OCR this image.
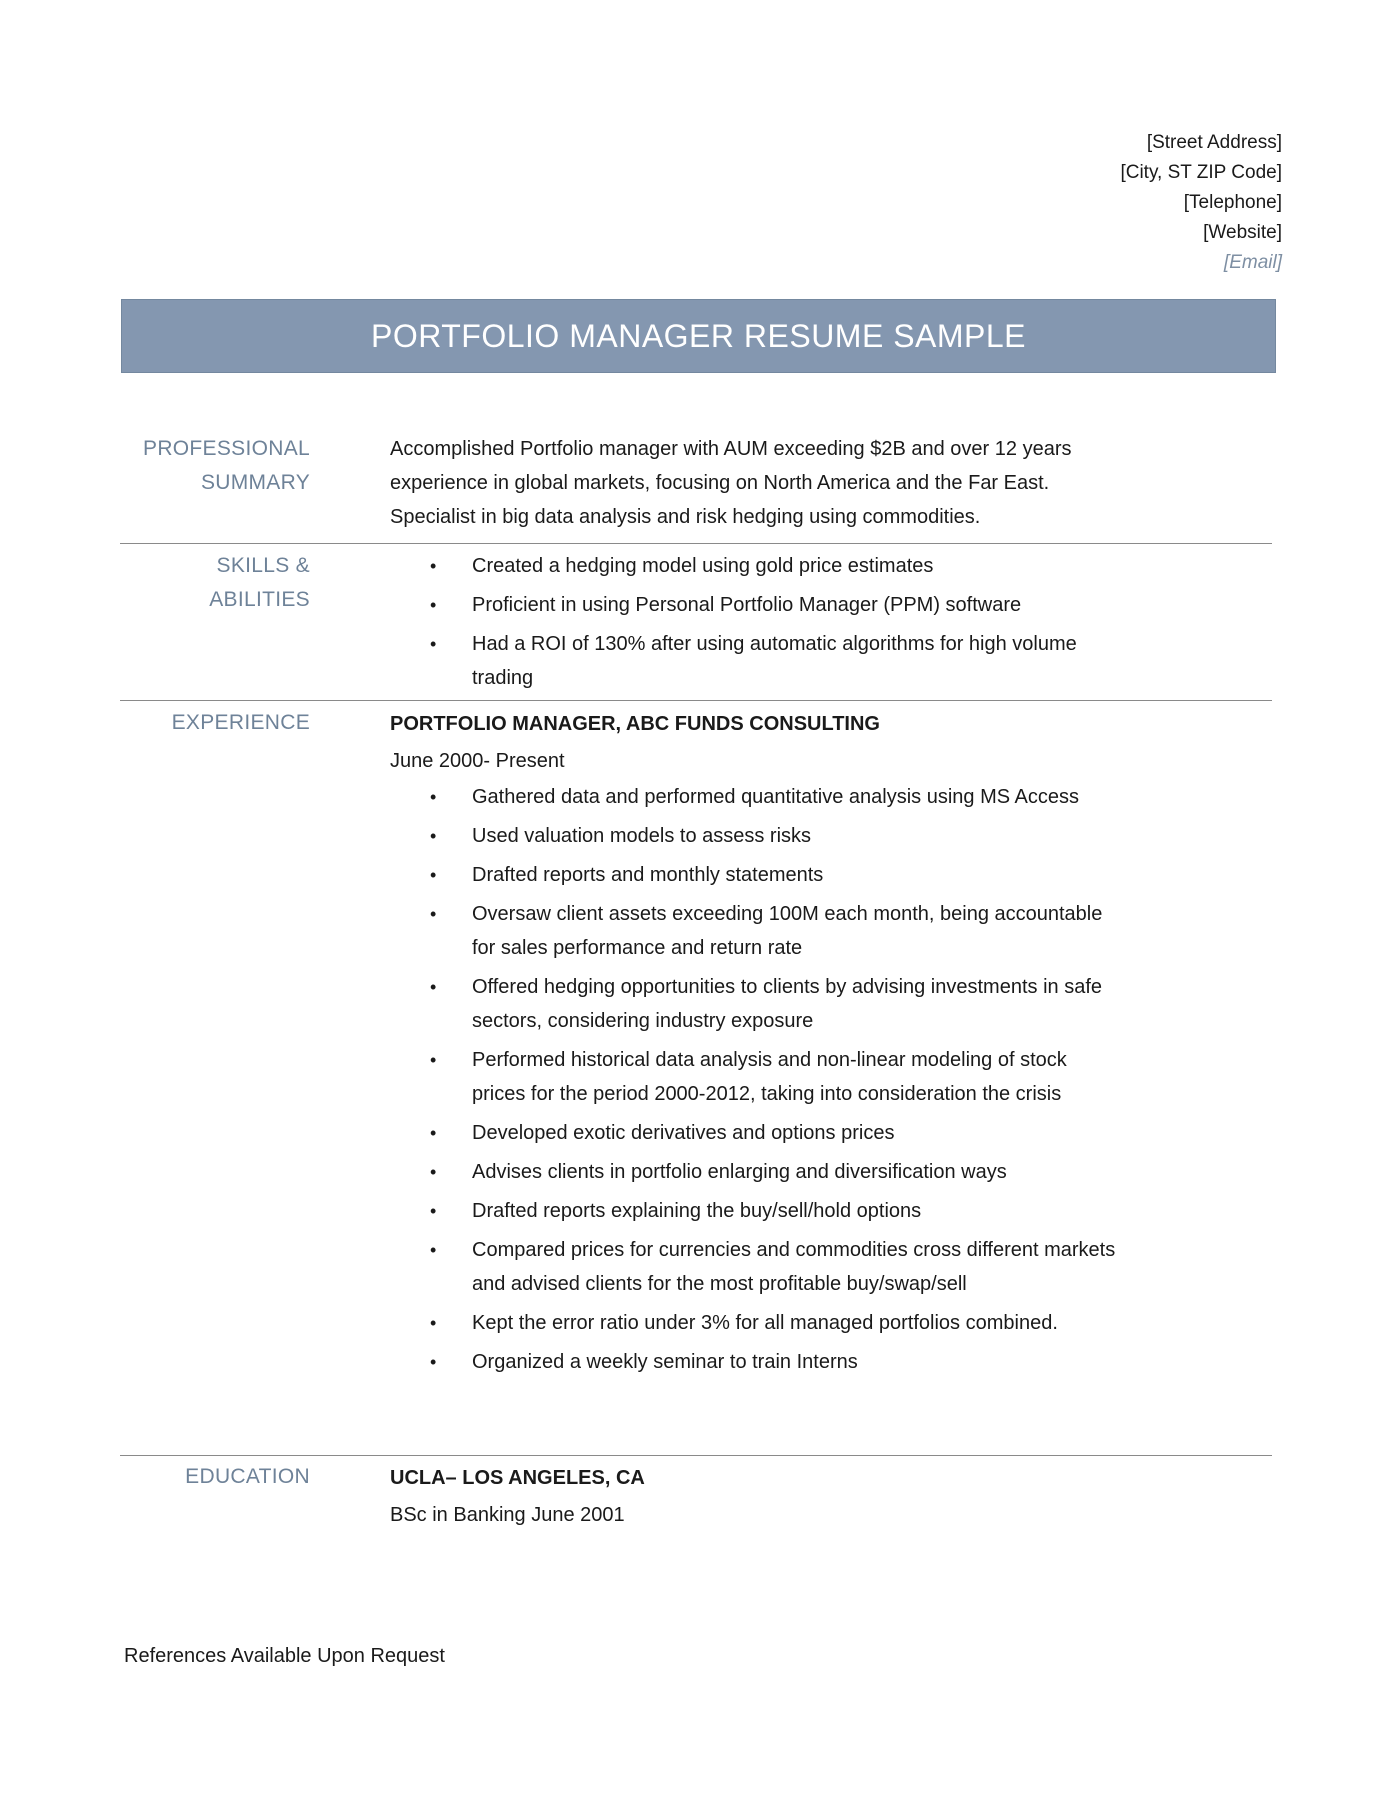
[Street Address]
[City, ST ZIP Code]
[Telephone]
[Website]
[Email]
PORTFOLIO MANAGER RESUME SAMPLE
PROFESSIONAL
SUMMARY

Accomplished Portfolio manager with AUM exceeding $2B and over 12 years experience in global markets, focusing on North America and the Far East. Specialist in big data analysis and risk hedging using commodities.

SKILLS & ABILITIES
• Created a hedging model using gold price estimates
• Proficient in using Personal Portfolio Manager (PPM) software
• Had a ROI of 130% after using automatic algorithms for high volume trading
EXPERIENCE	PORTFOLIO MANAGER, ABC FUNDS CONSULTING

June 2000- Present

• Gathered data and performed quantitative analysis using MS Access
• Used valuation models to assess risks
• Drafted reports and monthly statements
• Oversaw client assets exceeding 100M each month, being accountable for sales performance and return rate
• Offered hedging opportunities to clients by advising investments in safe sectors, considering industry exposure
• Performed historical data analysis and non-linear modeling of stock prices for the period 2000-2012, taking into consideration the crisis
• Developed exotic derivatives and options prices
• Advises clients in portfolio enlarging and diversification ways
• Drafted reports explaining the buy/sell/hold options
• Compared prices for currencies and commodities cross different markets and advised clients for the most profitable buy/swap/sell
• Kept the error ratio under 3% for all managed portfolios combined.
• Organized a weekly seminar to train Interns
EDUCATION	UCLA– LOS ANGELES, CA

BSc in Banking June 2001

References Available Upon Request
